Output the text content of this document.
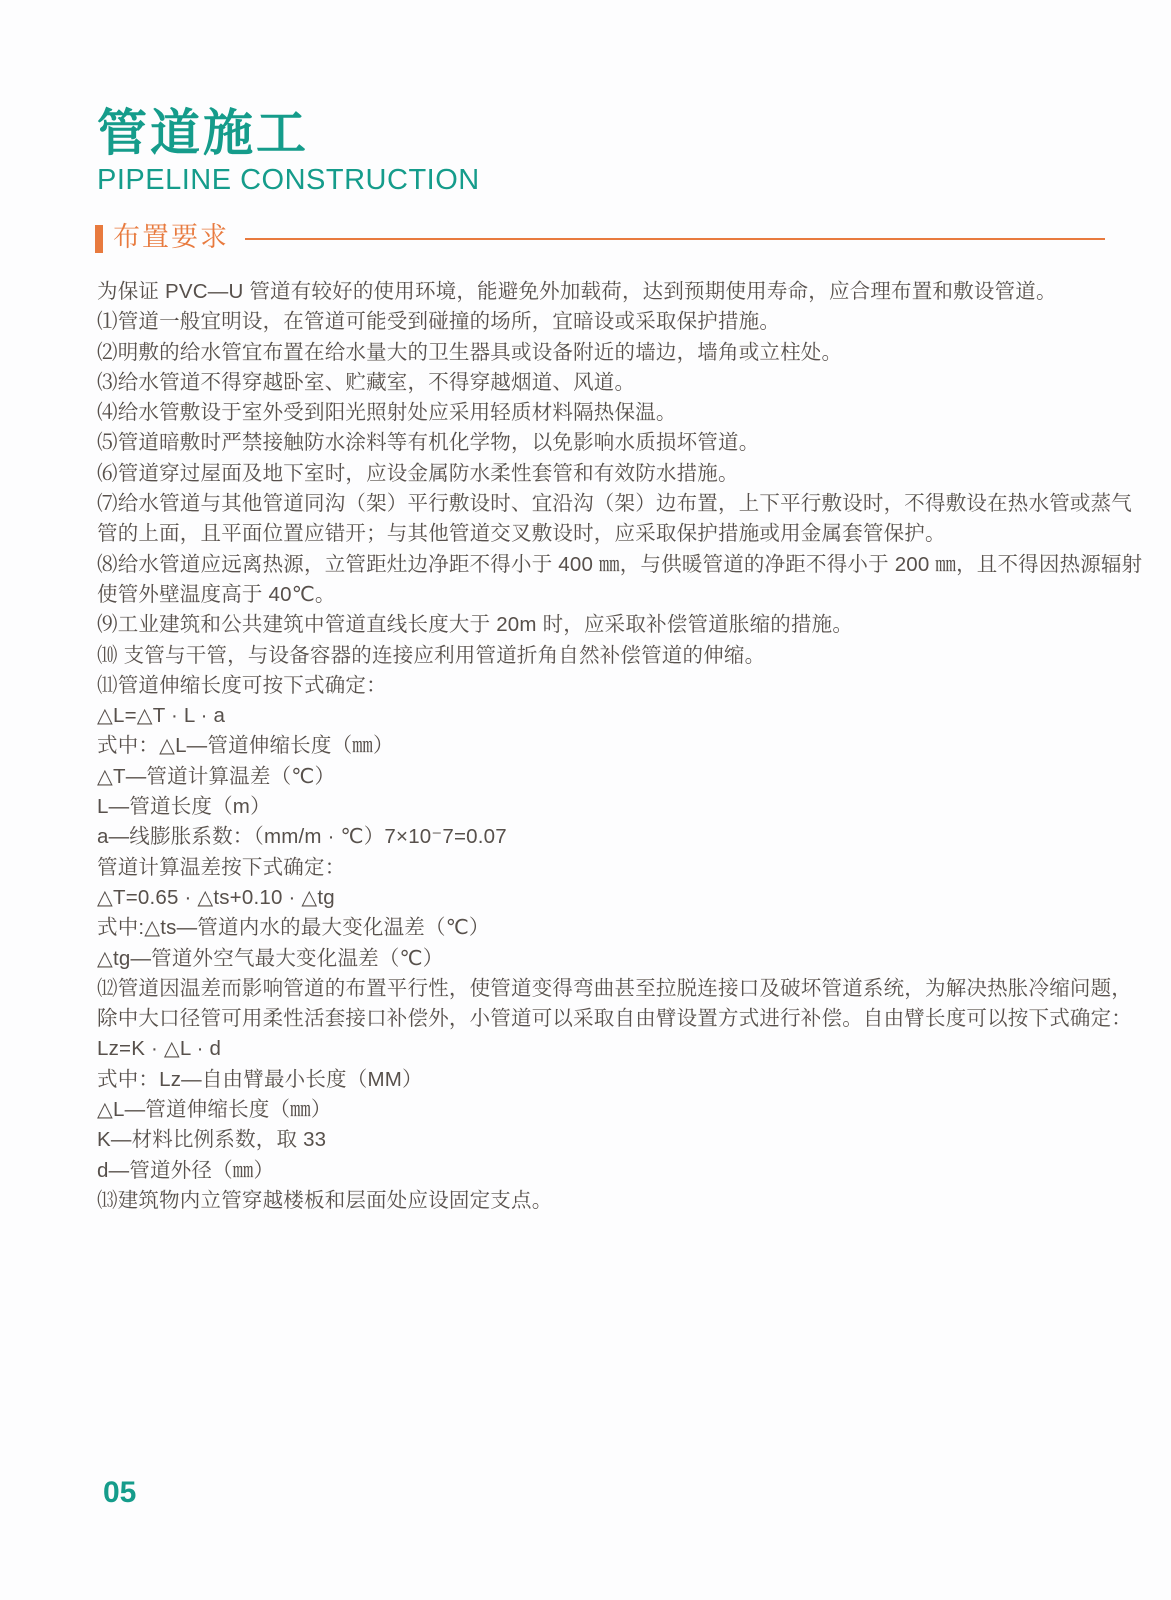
管道施工
PIPELINE CONSTRUCTION
布置要求
为保证 PVC—U 管道有较好的使用环境，能避免外加载荷，达到预期使用寿命，应合理布置和敷设管道。
⑴管道一般宜明设，在管道可能受到碰撞的场所，宜暗设或采取保护措施。
⑵明敷的给水管宜布置在给水量大的卫生器具或设备附近的墙边，墙角或立柱处。
⑶给水管道不得穿越卧室、贮藏室，不得穿越烟道、风道。
⑷给水管敷设于室外受到阳光照射处应采用轻质材料隔热保温。
⑸管道暗敷时严禁接触防水涂料等有机化学物，以免影响水质损坏管道。
⑹管道穿过屋面及地下室时，应设金属防水柔性套管和有效防水措施。
⑺给水管道与其他管道同沟（架）平行敷设时、宜沿沟（架）边布置，上下平行敷设时，不得敷设在热水管或蒸气
管的上面，且平面位置应错开；与其他管道交叉敷设时，应采取保护措施或用金属套管保护。
⑻给水管道应远离热源，立管距灶边净距不得小于 400 ㎜，与供暖管道的净距不得小于 200 ㎜，且不得因热源辐射
使管外壁温度高于 40℃。
⑼工业建筑和公共建筑中管道直线长度大于 20m 时，应采取补偿管道胀缩的措施。
⑽ 支管与干管，与设备容器的连接应利用管道折角自然补偿管道的伸缩。
⑾管道伸缩长度可按下式确定：
△L=△T · L · a
式中：△L—管道伸缩长度（㎜）
△T—管道计算温差（℃）
L—管道长度（m）
a—线膨胀系数：（mm/m · ℃）7×10⁻7=0.07
管道计算温差按下式确定：
△T=0.65 · △ts+0.10 · △tg
式中:△ts—管道内水的最大变化温差（℃）
△tg—管道外空气最大变化温差（℃）
⑿管道因温差而影响管道的布置平行性，使管道变得弯曲甚至拉脱连接口及破坏管道系统，为解决热胀冷缩问题，
除中大口径管可用柔性活套接口补偿外，小管道可以采取自由臂设置方式进行补偿。自由臂长度可以按下式确定：
Lz=K · △L · d
式中：Lz—自由臂最小长度（MM）
△L—管道伸缩长度（㎜）
K—材料比例系数，取 33
d—管道外径（㎜）
⒀建筑物内立管穿越楼板和层面处应设固定支点。
05
